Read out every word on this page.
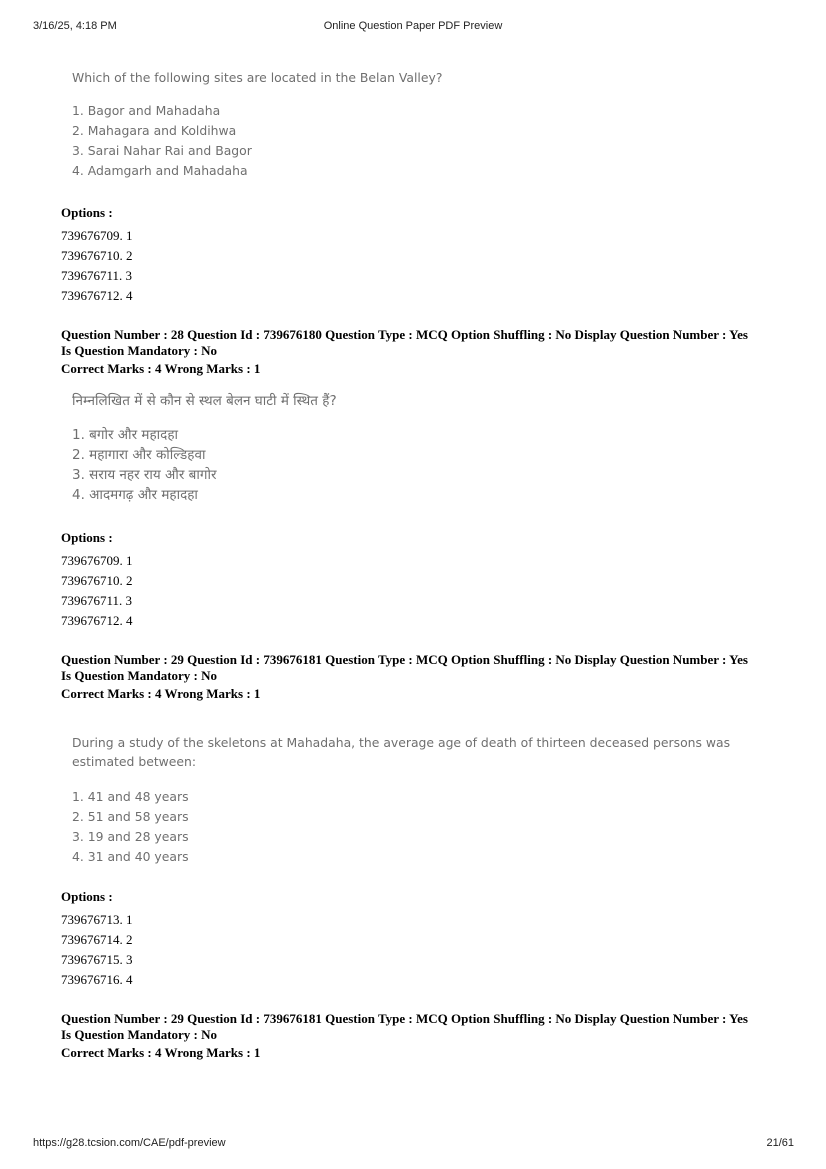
3/16/25, 4:18 PM	Online Question Paper PDF Preview
Which of the following sites are located in the Belan Valley?
1. Bagor and Mahadaha
2. Mahagara and Koldihwa
3. Sarai Nahar Rai and Bagor
4. Adamgarh and Mahadaha
Options :
739676709. 1
739676710. 2
739676711. 3
739676712. 4
Question Number : 28 Question Id : 739676180 Question Type : MCQ Option Shuffling : No Display Question Number : Yes
Is Question Mandatory : No
Correct Marks : 4 Wrong Marks : 1
निम्नलिखित में से कौन से स्थल बेलन घाटी में स्थित हैं?
1. बगोर और महादहा
2. महागारा और कोल्डिहवा
3. सराय नहर राय और बागोर
4. आदमगढ़ और महादहा
Options :
739676709. 1
739676710. 2
739676711. 3
739676712. 4
Question Number : 29 Question Id : 739676181 Question Type : MCQ Option Shuffling : No Display Question Number : Yes
Is Question Mandatory : No
Correct Marks : 4 Wrong Marks : 1
During a study of the skeletons at Mahadaha, the average age of death of thirteen deceased persons was
estimated between:
1. 41 and 48 years
2. 51 and 58 years
3. 19 and 28 years
4. 31 and 40 years
Options :
739676713. 1
739676714. 2
739676715. 3
739676716. 4
Question Number : 29 Question Id : 739676181 Question Type : MCQ Option Shuffling : No Display Question Number : Yes
Is Question Mandatory : No
Correct Marks : 4 Wrong Marks : 1
https://g28.tcsion.com/CAE/pdf-preview	21/61
